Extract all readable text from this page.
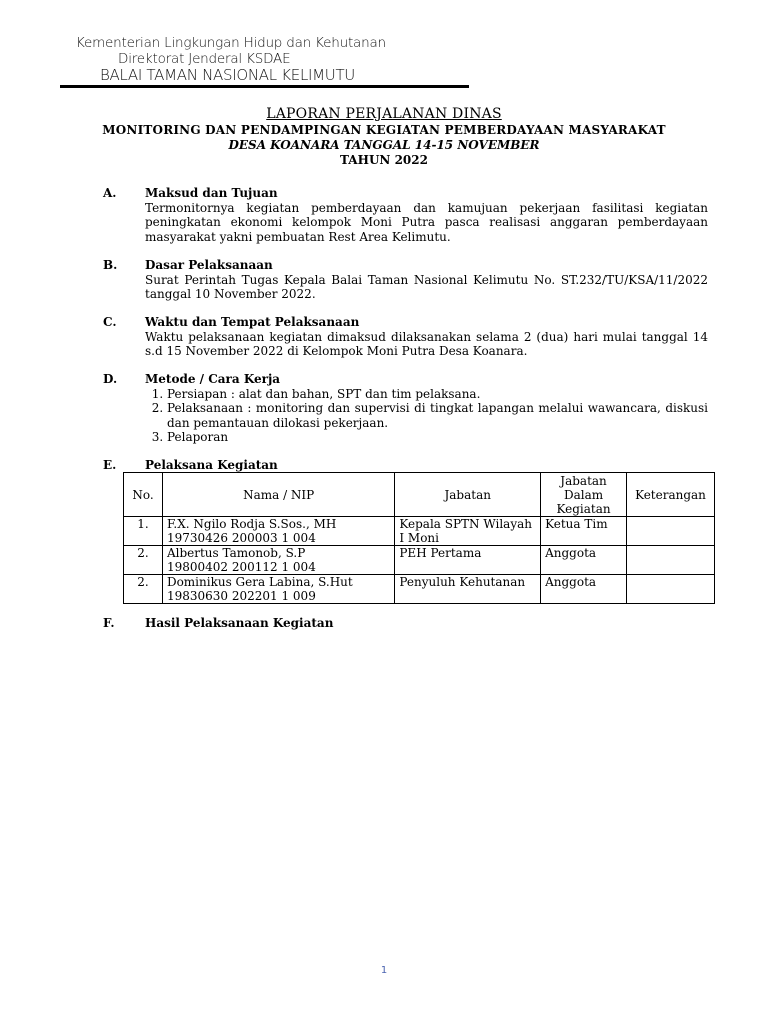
Kementerian Lingkungan Hidup dan Kehutanan
Direktorat Jenderal KSDAE
BALAI TAMAN NASIONAL KELIMUTU

LAPORAN PERJALANAN DINAS

MONITORING DAN PENDAMPINGAN KEGIATAN PEMBERDAYAAN MASYARAKAT

DESA KOANARA TANGGAL 14-15 NOVEMBER

TAHUN 2022

A. Maksud dan Tujuan
Termonitornya kegiatan pemberdayaan dan kamujuan pekerjaan fasilitasi kegiatan peningkatan ekonomi kelompok Moni Putra pasca realisasi anggaran pemberdayaan masyarakat yakni pembuatan Rest Area Kelimutu.
B. Dasar Pelaksanaan
Surat Perintah Tugas Kepala Balai Taman Nasional Kelimutu No. ST.232/TU/KSA/11/2022 tanggal 10 November 2022.
C. Waktu dan Tempat Pelaksanaan
Waktu pelaksanaan kegiatan dimaksud dilaksanakan selama 2 (dua) hari mulai tanggal 14 s.d 15 November 2022 di Kelompok Moni Putra Desa Koanara.
D. Metode / Cara Kerja
1. Persiapan : alat dan bahan, SPT dan tim pelaksana.
2. Pelaksanaan : monitoring dan supervisi di tingkat lapangan melalui wawancara, diskusi dan pemantauan dilokasi pekerjaan.
3. Pelaporan
E. Pelaksana Kegiatan
No.	Nama / NIP	Jabatan	Jabatan Dalam Kegiatan	Keterangan
1.	F.X. Ngilo Rodja S.Sos., MH
19730426 200003 1 004	Kepala SPTN Wilayah I Moni	Ketua Tim	
2.	Albertus Tamonob, S.P
19800402 200112 1 004	PEH Pertama	Anggota	
2.	Dominikus Gera Labina, S.Hut
19830630 202201 1 009	Penyuluh Kehutanan	Anggota	
F.	Hasil Pelaksanaan Kegiatan
1
